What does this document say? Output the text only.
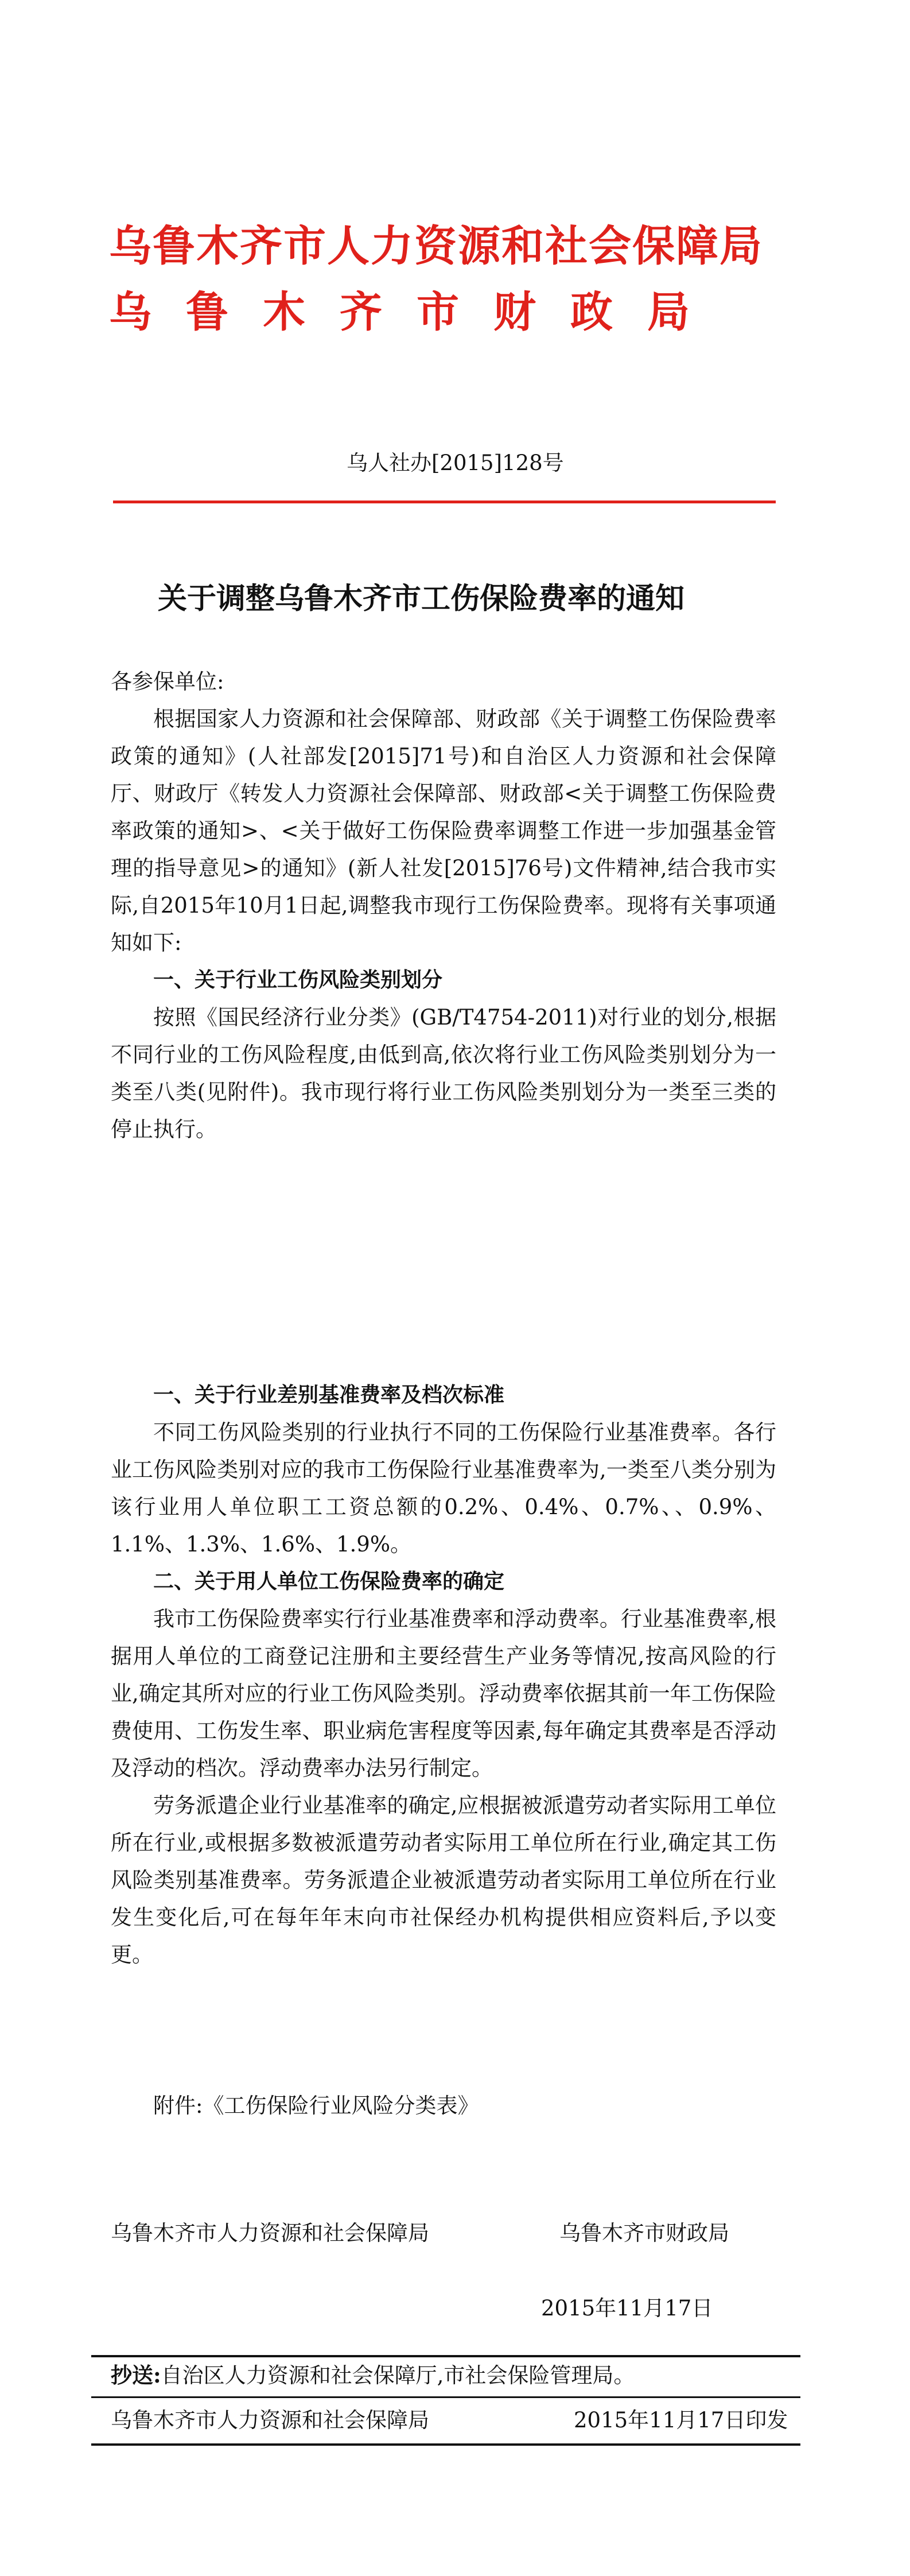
乌鲁木齐市人力资源和社会保障局
乌鲁木齐市财政局
乌人社办[2015]128号
关于调整乌鲁木齐市工伤保险费率的通知
各参保单位:

根据国家人力资源和社会保障部、财政部《关于调整工伤保险费率政策的通知》(人社部发[2015]71号)和自治区人力资源和社会保障厅、财政厅《转发人力资源社会保障部、财政部<关于调整工伤保险费率政策的通知>、<关于做好工伤保险费率调整工作进一步加强基金管理的指导意见>的通知》(新人社发[2015]76号)文件精神,结合我市实际,自2015年10月1日起,调整我市现行工伤保险费率。现将有关事项通知如下:

一、关于行业工伤风险类别划分

按照《国民经济行业分类》(GB/T4754-2011)对行业的划分,根据不同行业的工伤风险程度,由低到高,依次将行业工伤风险类别划分为一类至八类(见附件)。我市现行将行业工伤风险类别划分为一类至三类的停止执行。

一、关于行业差别基准费率及档次标准

不同工伤风险类别的行业执行不同的工伤保险行业基准费率。各行业工伤风险类别对应的我市工伤保险行业基准费率为,一类至八类分别为该行业用人单位职工工资总额的0.2%、0.4%、0.7%、、0.9%、1.1%、1.3%、1.6%、1.9%。

二、关于用人单位工伤保险费率的确定

我市工伤保险费率实行行业基准费率和浮动费率。行业基准费率,根据用人单位的工商登记注册和主要经营生产业务等情况,按高风险的行业,确定其所对应的行业工伤风险类别。浮动费率依据其前一年工伤保险费使用、工伤发生率、职业病危害程度等因素,每年确定其费率是否浮动及浮动的档次。浮动费率办法另行制定。

劳务派遣企业行业基准率的确定,应根据被派遣劳动者实际用工单位所在行业,或根据多数被派遣劳动者实际用工单位所在行业,确定其工伤风险类别基准费率。劳务派遣企业被派遣劳动者实际用工单位所在行业发生变化后,可在每年年末向市社保经办机构提供相应资料后,予以变更。

附件:《工伤保险行业风险分类表》
乌鲁木齐市人力资源和社会保障局	乌鲁木齐市财政局
2015年11月17日
抄送:自治区人力资源和社会保障厅,市社会保险管理局。
乌鲁木齐市人力资源和社会保障局	2015年11月17日印发
